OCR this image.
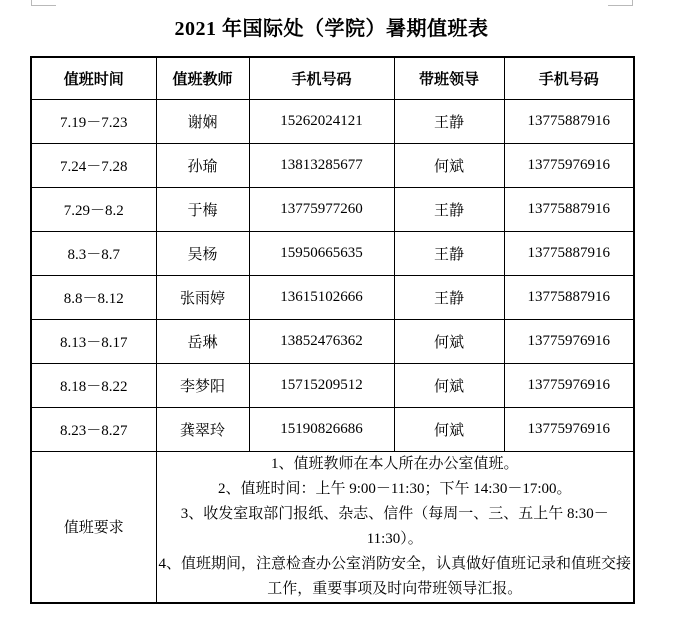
2021 年国际处（学院）暑期值班表
值班时间	值班教师	手机号码	带班领导	手机号码
7.19－7.23	谢娴	15262024121	王静	13775887916
7.24－7.28	孙瑜	13813285677	何斌	13775976916
7.29－8.2	于梅	13775977260	王静	13775887916
8.3－8.7	吴杨	15950665635	王静	13775887916
8.8－8.12	张雨婷	13615102666	王静	13775887916
8.13－8.17	岳琳	13852476362	何斌	13775976916
8.18－8.22	李梦阳	15715209512	何斌	13775976916
8.23－8.27	龚翠玲	15190826686	何斌	13775976916
值班要求	1、值班教师在本人所在办公室值班。
2、值班时间：上午 9:00－11:30；下午 14:30－17:00。
3、收发室取部门报纸、杂志、信件（每周一、三、五上午 8:30－11:30）。
4、值班期间，注意检查办公室消防安全，认真做好值班记录和值班交接工作，重要事项及时向带班领导汇报。			
